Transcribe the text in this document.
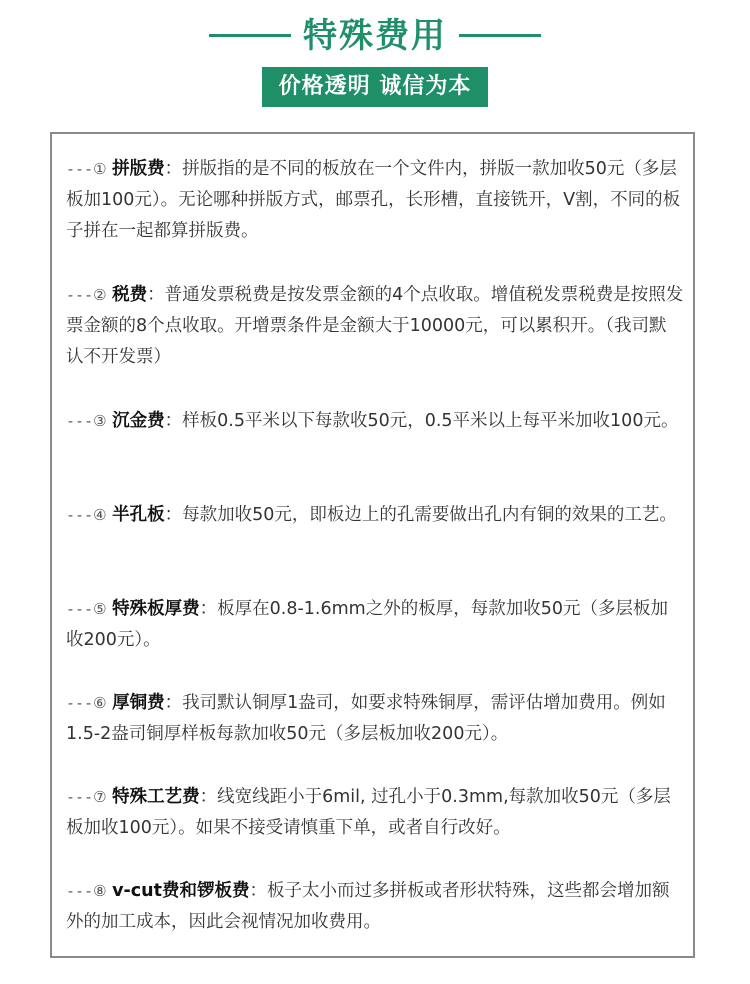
特殊费用
价格透明 诚信为本
---① 拼版费：拼版指的是不同的板放在一个文件内，拼版一款加收50元（多层板加100元）。无论哪种拼版方式，邮票孔，长形槽，直接铣开，V割，不同的板子拼在一起都算拼版费。
---② 税费：普通发票税费是按发票金额的4个点收取。增值税发票税费是按照发票金额的8个点收取。开增票条件是金额大于10000元，可以累积开。（我司默认不开发票）
---③ 沉金费：样板0.5平米以下每款收50元，0.5平米以上每平米加收100元。
---④ 半孔板：每款加收50元，即板边上的孔需要做出孔内有铜的效果的工艺。
---⑤ 特殊板厚费：板厚在0.8-1.6mm之外的板厚，每款加收50元（多层板加收200元）。
---⑥ 厚铜费：我司默认铜厚1盎司，如要求特殊铜厚，需评估增加费用。例如1.5-2盎司铜厚样板每款加收50元（多层板加收200元）。
---⑦ 特殊工艺费：线宽线距小于6mil, 过孔小于0.3mm,每款加收50元（多层板加收100元）。如果不接受请慎重下单，或者自行改好。
---⑧ v-cut费和锣板费：板子太小而过多拼板或者形状特殊，这些都会增加额外的加工成本，因此会视情况加收费用。
